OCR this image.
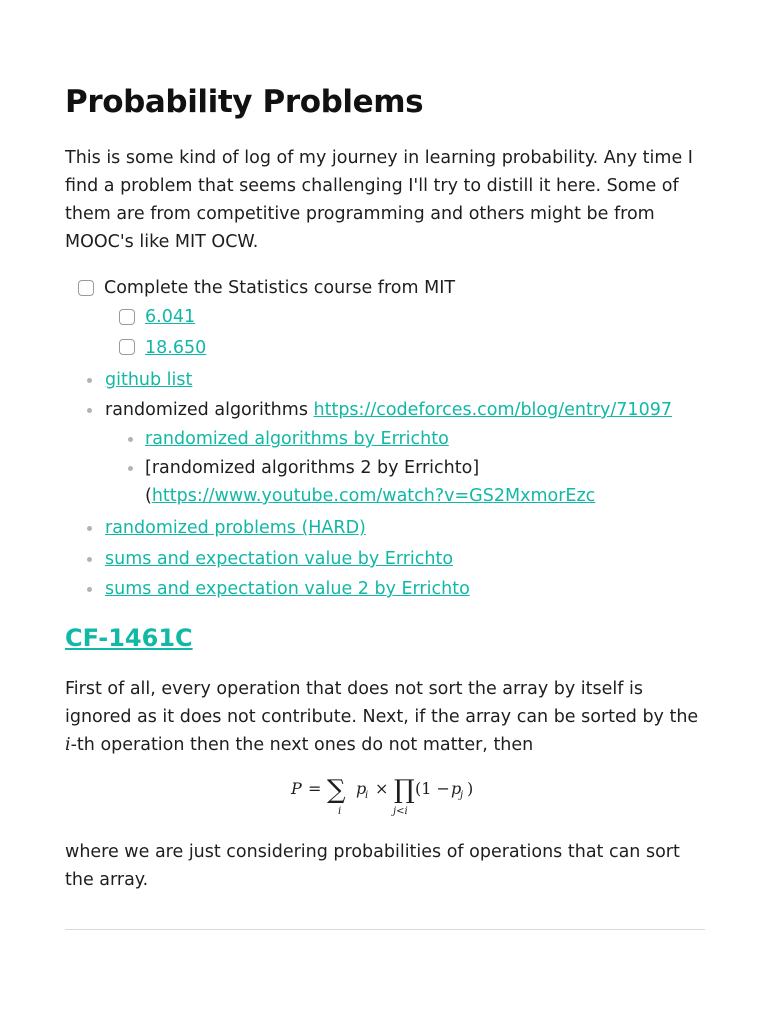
Probability Problems

This is some kind of log of my journey in learning probability. Any time I find a problem that seems challenging I'll try to distill it here. Some of them are from competitive programming and others might be from MOOC's like MIT OCW.

Complete the Statistics course from MIT
6.041
18.650
github list
randomized algorithms https://codeforces.com/blog/entry/71097
randomized algorithms by Errichto
[randomized algorithms 2 by Errichto]
(https://www.youtube.com/watch?v=GS2MxmorEzc
randomized problems (HARD)
sums and expectation value by Errichto
sums and expectation value 2 by Errichto
CF-1461C

First of all, every operation that does not sort the array by itself is ignored as it does not contribute. Next, if the array can be sorted by the i-th operation then the next ones do not matter, then

P = ∑
i
p
i × ∏
j<i
(1 − p
j )

where we are just considering probabilities of operations that can sort the array.
